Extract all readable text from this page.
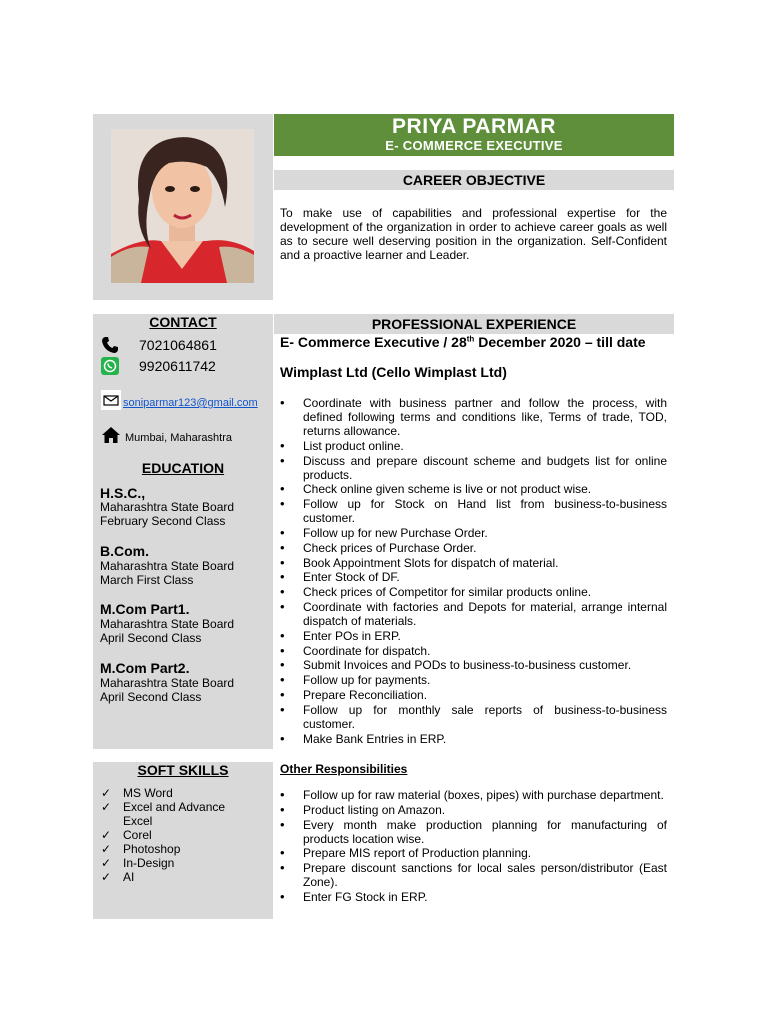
PRIYA PARMAR
E- COMMERCE EXECUTIVE
CAREER OBJECTIVE
To make use of capabilities and professional expertise for the development of the organization in order to achieve career goals as well as to secure well deserving position in the organization. Self-Confident and a proactive learner and Leader.
CONTACT
7021064861
9920611742
soniparmar123@gmail.com
Mumbai, Maharashtra
EDUCATION
H.S.C.,
Maharashtra State Board
February Second Class
B.Com.
Maharashtra State Board
March First Class
M.Com Part1.
Maharashtra State Board
April Second Class
M.Com Part2.
Maharashtra State Board
April Second Class
SOFT SKILLS
✓ MS Word
✓ Excel and Advance Excel
✓ Corel
✓ Photoshop
✓ In-Design
✓ AI
PROFESSIONAL EXPERIENCE
E- Commerce Executive / 28th December 2020 – till date
Wimplast Ltd (Cello Wimplast Ltd)
• Coordinate with business partner and follow the process, with defined following terms and conditions like, Terms of trade, TOD, returns allowance.
• List product online.
• Discuss and prepare discount scheme and budgets list for online products.
• Check online given scheme is live or not product wise.
• Follow up for Stock on Hand list from business-to-business customer.
• Follow up for new Purchase Order.
• Check prices of Purchase Order.
• Book Appointment Slots for dispatch of material.
• Enter Stock of DF.
• Check prices of Competitor for similar products online.
• Coordinate with factories and Depots for material, arrange internal dispatch of materials.
• Enter POs in ERP.
• Coordinate for dispatch.
• Submit Invoices and PODs to business-to-business customer.
• Follow up for payments.
• Prepare Reconciliation.
• Follow up for monthly sale reports of business-to-business customer.
• Make Bank Entries in ERP.
Other Responsibilities
• Follow up for raw material (boxes, pipes) with purchase department.
• Product listing on Amazon.
• Every month make production planning for manufacturing of products location wise.
• Prepare MIS report of Production planning.
• Prepare discount sanctions for local sales person/distributor (East Zone).
• Enter FG Stock in ERP.
